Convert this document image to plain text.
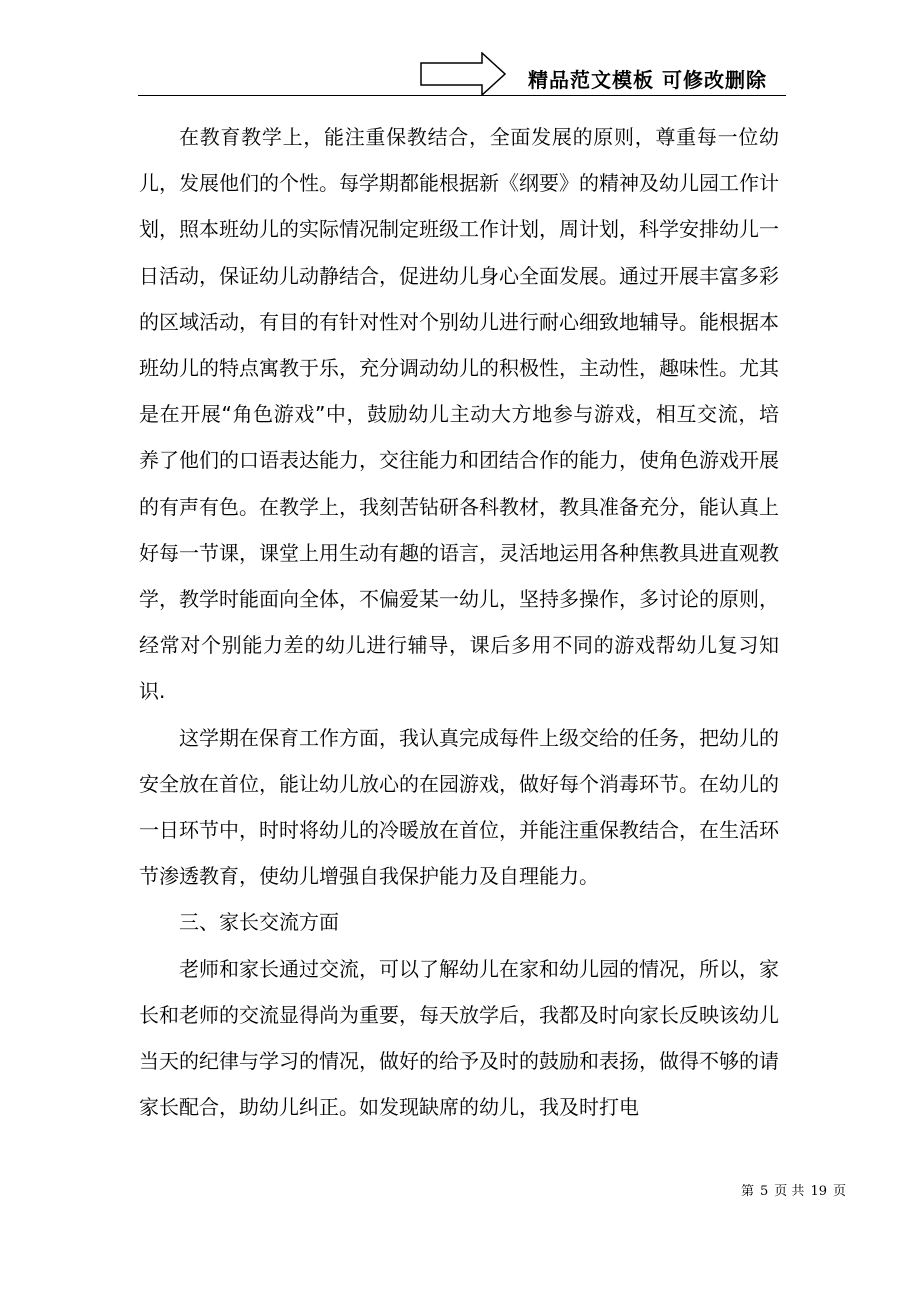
精品范文模板 可修改删除

在教育教学上，能注重保教结合，全面发展的原则，尊重每一位幼儿，发展他们的个性。每学期都能根据新《纲要》的精神及幼儿园工作计划，照本班幼儿的实际情况制定班级工作计划，周计划，科学安排幼儿一日活动，保证幼儿动静结合，促进幼儿身心全面发展。通过开展丰富多彩的区域活动，有目的有针对性对个别幼儿进行耐心细致地辅导。能根据本班幼儿的特点寓教于乐，充分调动幼儿的积极性，主动性，趣味性。尤其是在开展“角色游戏”中，鼓励幼儿主动大方地参与游戏，相互交流，培养了他们的口语表达能力，交往能力和团结合作的能力，使角色游戏开展的有声有色。在教学上，我刻苦钻研各科教材，教具准备充分，能认真上好每一节课，课堂上用生动有趣的语言，灵活地运用各种焦教具进直观教学，教学时能面向全体，不偏爱某一幼儿，坚持多操作，多讨论的原则，经常对个别能力差的幼儿进行辅导，课后多用不同的游戏帮幼儿复习知识.

这学期在保育工作方面，我认真完成每件上级交给的任务，把幼儿的安全放在首位，能让幼儿放心的在园游戏，做好每个消毒环节。在幼儿的一日环节中，时时将幼儿的冷暖放在首位，并能注重保教结合，在生活环节渗透教育，使幼儿增强自我保护能力及自理能力。

三、家长交流方面

老师和家长通过交流，可以了解幼儿在家和幼儿园的情况，所以，家长和老师的交流显得尚为重要，每天放学后，我都及时向家长反映该幼儿当天的纪律与学习的情况，做好的给予及时的鼓励和表扬，做得不够的请家长配合，助幼儿纠正。如发现缺席的幼儿，我及时打电

第 5 页 共 19 页
